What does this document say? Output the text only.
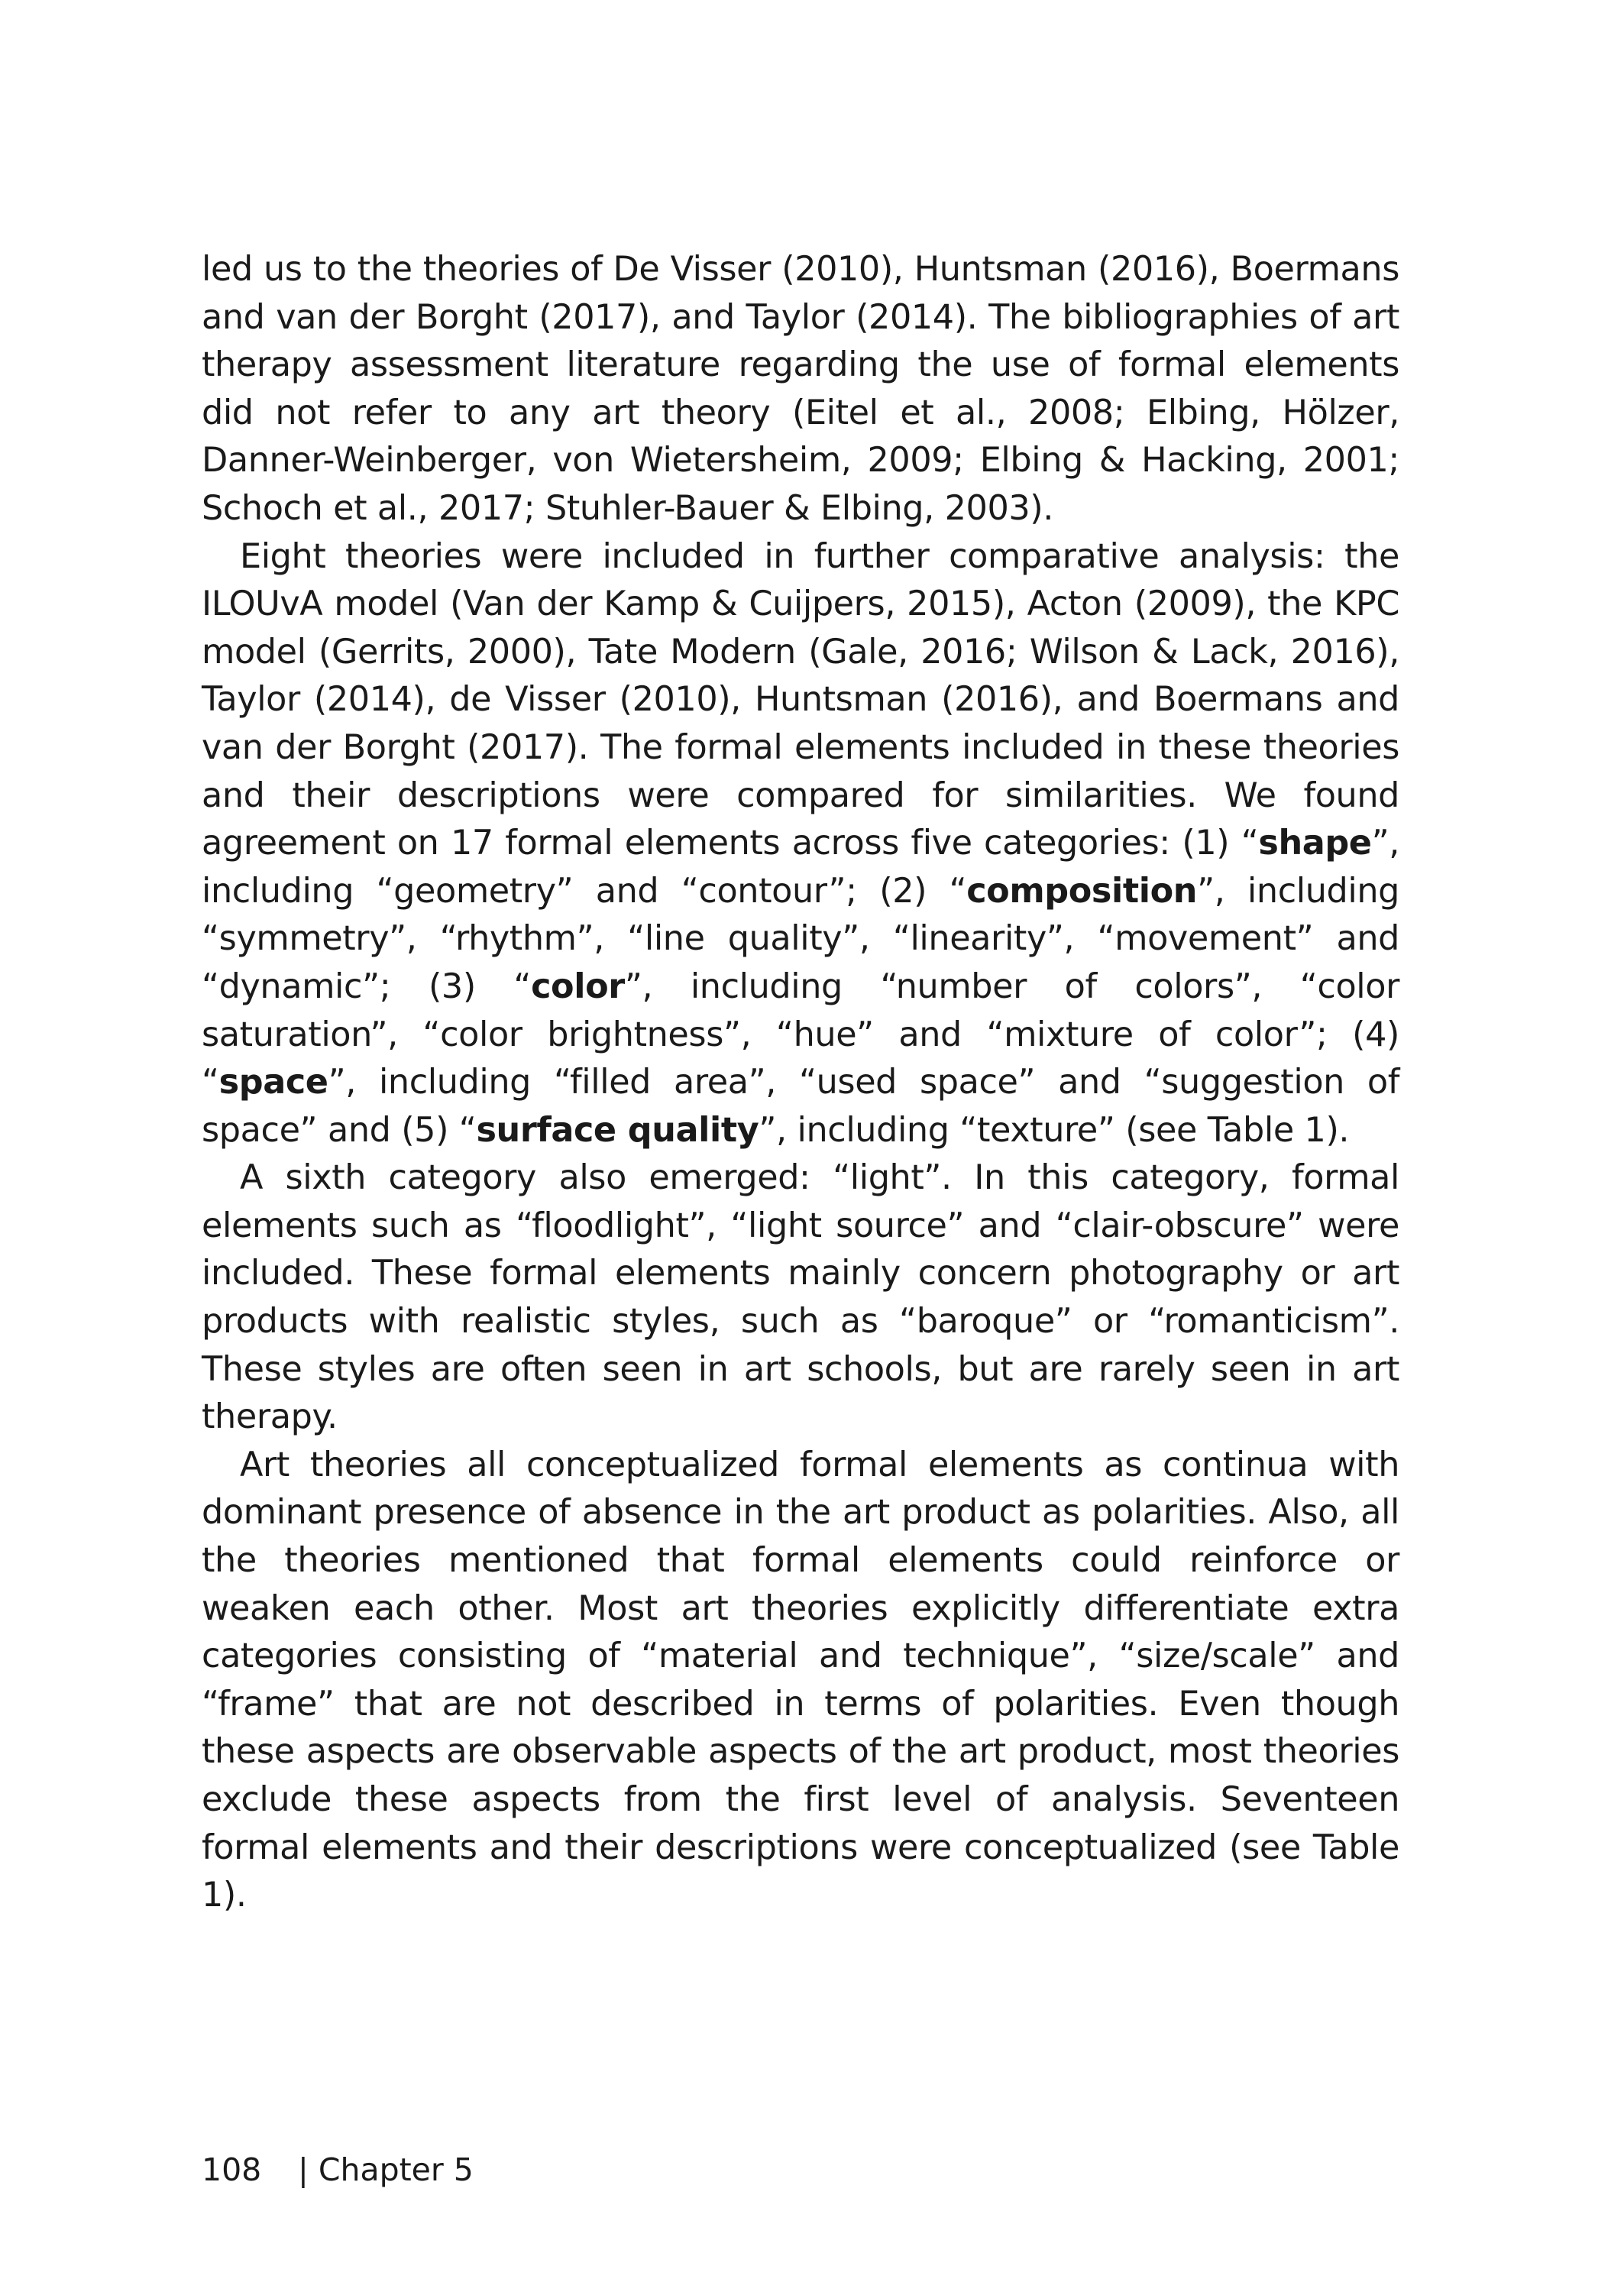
led us to the theories of De Visser (2010), Huntsman (2016), Boermans and van der Borght (2017), and Taylor (2014). The bibliographies of art therapy assessment literature regarding the use of formal elements did not refer to any art theory (Eitel et al., 2008; Elbing, Hölzer, Danner-Weinberger, von Wietersheim, 2009; Elbing & Hacking, 2001; Schoch et al., 2017; Stuhler-Bauer & Elbing, 2003).

Eight theories were included in further comparative analysis: the ILOUvA model (Van der Kamp & Cuijpers, 2015), Acton (2009), the KPC model (Gerrits, 2000), Tate Modern (Gale, 2016; Wilson & Lack, 2016), Taylor (2014), de Visser (2010), Huntsman (2016), and Boermans and van der Borght (2017). The formal elements included in these theories and their descriptions were compared for similarities. We found agreement on 17 formal elements across five categories: (1) “shape”, including “geometry” and “contour”; (2) “composition”, including “symmetry”, “rhythm”, “line quality”, “linearity”, “movement” and “dynamic”; (3) “color”, including “number of colors”, “color saturation”, “color brightness”, “hue” and “mixture of color”; (4) “space”, including “filled area”, “used space” and “suggestion of space” and (5) “surface quality”, including “texture” (see Table 1).

A sixth category also emerged: “light”. In this category, formal elements such as “floodlight”, “light source” and “clair-obscure” were included. These formal elements mainly concern photography or art products with realistic styles, such as “baroque” or “romanticism”. These styles are often seen in art schools, but are rarely seen in art therapy.

Art theories all conceptualized formal elements as continua with dominant presence of absence in the art product as polarities. Also, all the theories mentioned that formal elements could reinforce or weaken each other. Most art theories explicitly differentiate extra categories consisting of “material and technique”, “size/scale” and “frame” that are not described in terms of polarities. Even though these aspects are observable aspects of the art product, most theories exclude these aspects from the first level of analysis. Seventeen formal elements and their descriptions were conceptualized (see Table 1).

108 | Chapter 5
